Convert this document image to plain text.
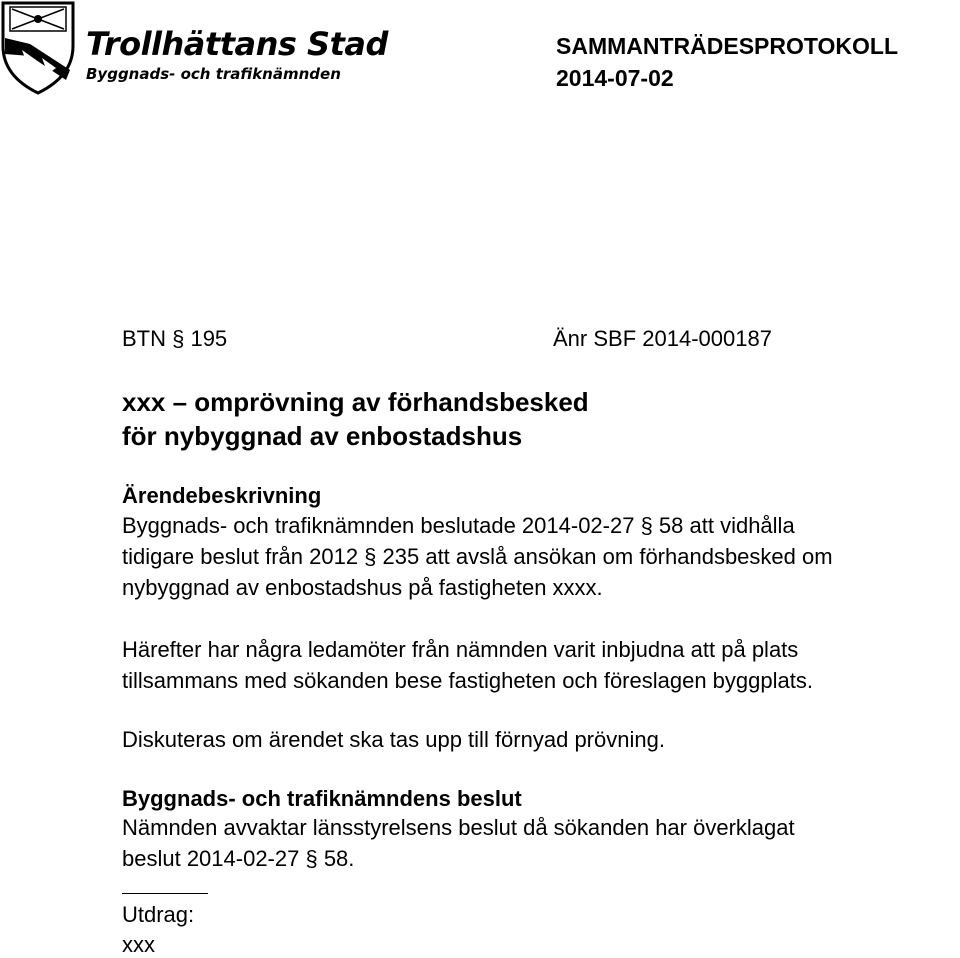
Trollhättans Stad
Byggnads- och trafiknämnden
SAMMANTRÄDESPROTOKOLL
2014-07-02
BTN § 195	Änr SBF 2014-000187
xxx – omprövning av förhandsbesked
för nybyggnad av enbostadshus
Ärendebeskrivning

Byggnads- och trafiknämnden beslutade 2014-02-27 § 58 att vidhålla
tidigare beslut från 2012 § 235 att avslå ansökan om förhandsbesked om
nybyggnad av enbostadshus på fastigheten xxxx.

Härefter har några ledamöter från nämnden varit inbjudna att på plats
tillsammans med sökanden bese fastigheten och föreslagen byggplats.

Diskuteras om ärendet ska tas upp till förnyad prövning.

Byggnads- och trafiknämndens beslut

Nämnden avvaktar länsstyrelsens beslut då sökanden har överklagat
beslut 2014-02-27 § 58.

Utdrag:
xxx
